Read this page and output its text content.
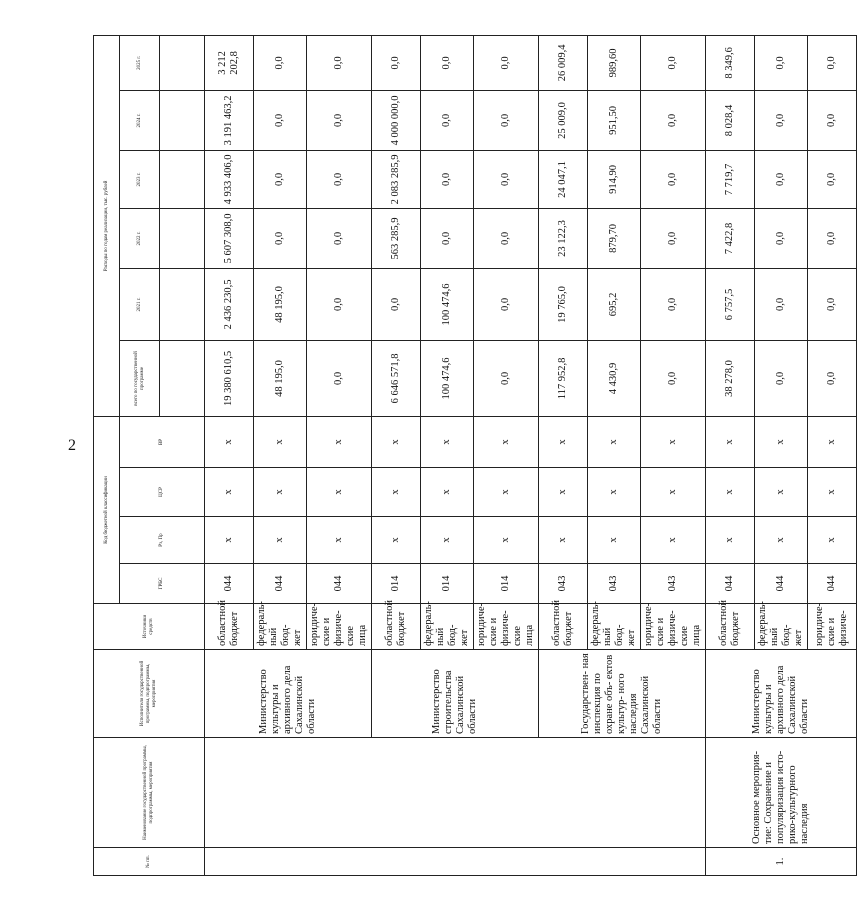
2
№ пп.	Наименование государственной программы, подпрограммы, мероприятия	Исполнители государственной программы, подпрограммы, мероприятия	Источники средств	Код бюджетной классификации				Расходы по годам реализации, тыс. рублей					
				ГРБС	Рз, Пр	ЦСР	ВР	всего по государственной программе	2021 г.	2022 г.	2023 г.	2024 г.	2025 г.

		Министерство культуры и архивного дела Сахалинской области	областной бюджет	044	х	х	х	19 380 610,5	2 436 230,5	5 607 308,0	4 933 406,0	3 191 463,2	3 212 202,8
			федераль- ный бюд- жет	044	х	х	х	48 195,0	48 195,0	0,0	0,0	0,0	0,0
			юридиче- ские и физиче- ские лица	044	х	х	х	0,0	0,0	0,0	0,0	0,0	0,0
		Министерство строительства Сахалинской области	областной бюджет	014	х	х	х	6 646 571,8	0,0	563 285,9	2 083 285,9	4 000 000,0	0,0
			федераль- ный бюд- жет	014	х	х	х	100 474,6	100 474,6	0,0	0,0	0,0	0,0
			юридиче- ские и физиче- ские лица	014	х	х	х	0,0	0,0	0,0	0,0	0,0	0,0
		Государствен- ная инспекция по охране объ- ектов культур- ного наследия Сахалинской области	областной бюджет	043	х	х	х	117 952,8	19 765,0	23 122,3	24 047,1	25 009,0	26 009,4
			федераль- ный бюд- жет	043	х	х	х	4 430,9	695,2	879,70	914,90	951,50	989,60
			юридиче- ские и физиче- ские лица	043	х	х	х	0,0	0,0	0,0	0,0	0,0	0,0
1.	Основное мероприя- тие: Сохранение и популяризация исто- рико-культурного наследия	Министерство культуры и архивного дела Сахалинской области	областной бюджет	044	х	х	х	38 278,0	6 757,5	7 422,8	7 719,7	8 028,4	8 349,6
			федераль- ный бюд- жет	044	х	х	х	0,0	0,0	0,0	0,0	0,0	0,0
			юридиче- ские и физиче-	044	х	х	х	0,0	0,0	0,0	0,0	0,0	0,0
